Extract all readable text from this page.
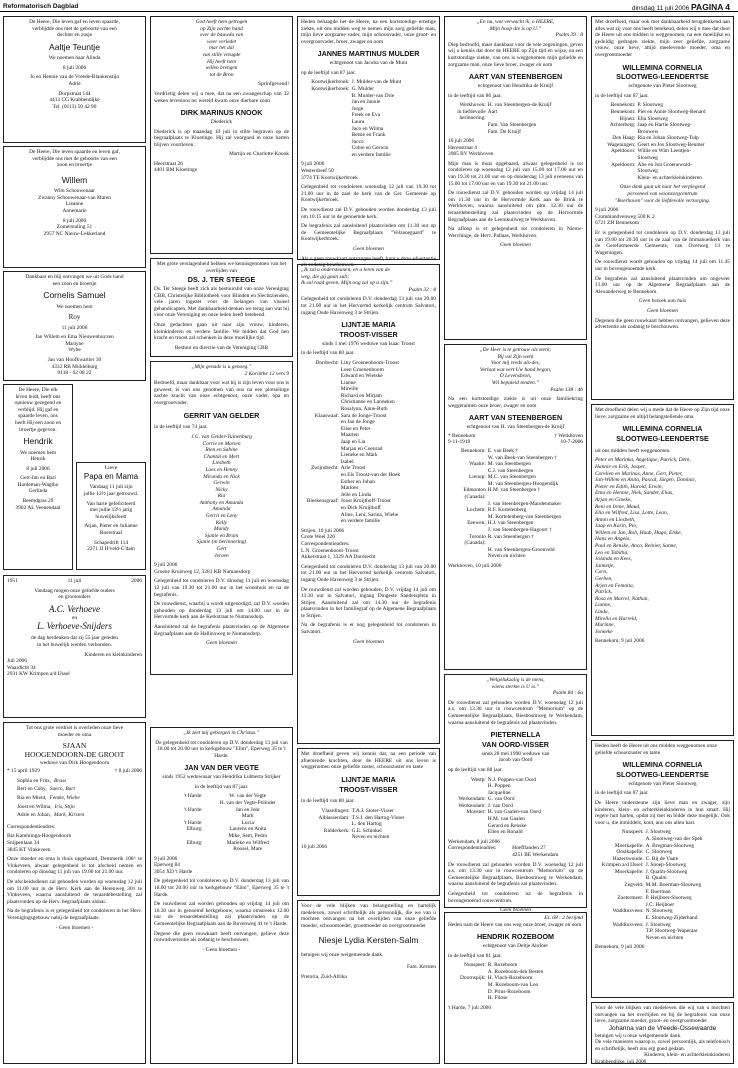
Reformatorisch Dagblad	dinsdag 11 juli 2006 PAGINA 4
De Heere, Die leven gaf en leven spaarde,
verblijdde ons met de geboorte van een
dochter en zusje
Aaltje Teuntje
We noemen haar Alinda
8 juli 2006
Jo en Hennie van de Vreede-Blankenstijn
Adrie
Dorpstraat 144
4413 CG Krabbendijke
Tel. (0113) 50 42 90
De Heere, Die leven spaarde en leven gaf,
verblijdde ons met de geboorte van een
zoon en broertje
Willem
Wim Schouwenaar
Zwanny Schouwenaar-van Maren
Lieanne
Annemarie
8 juli 2006
Zomerstaling 51
2957 NC Nieuw-Lekkerland
Dankbaar en blij ontvingen we uit Gods hand
een zoon en broertje
Cornelis Samuel
We noemen hem
Roy
11 juli 2006
Jan Willem en Ema Nieuwenhuyzen
Marlyne
Wybe
Jan van Hoofkwartier 30
4332 RB Middelburg
0118 - 62 08 22
De Heere, Die elk
leven leidt, heeft ons
opnieuw gezegend en
verblijd. Hij gaf en
spaarde leven, ons
heeft Hij een zoon en
broertje gegeven.
Hendrik
We noemen hem
Henrik
8 juli 2006
Gert-Jan en Bari
Hardeman-Wagtho
Gerlinda
Beemdgras 29
3902 AL Veenendaal
Lieve
Papa en Mama
Vandaag 11 juli zijn
jullie 12½ jaar getrouwd.
Van harte gefeliciteerd
met jullie 12½ jarig
huwelijksfeest
Arjan, Pieter en Julianne
Roerstraal
Schapedrift 114
2371 JJ H'veld-G'dam
1951	11 juli	2006
Vandaag mogen onze geliefde ouders
en grootouders
A.C. Verhoeve
en
L. Verhoeve-Snijders
de dag herdenken dat zij 55 jaar geleden
in het huwelijk werden verbonden.
Kinderen en kleinkinderen
Juli 2006
Waardicht 34
2931 KW Krimpen a/d IJssel
Tot ons grote verdriet is overleden onze lieve
moeder en oma
SJAAN
HOOGENDOORN-DE GROOT
weduwe van Dirk Hoogendoorn
* 15 april 1929	† 8 juli 2006
Sophia en Frits, Brass
Bert en Coby, Saeco, Bart
Ria en Mient, Femke, Wiebe
Joost en Wilma, Iris, Stijn
Adrie en Johan, Mark, Kirsten
Correspondentieadres:
Bia Kamminga-Hoogendoorn
Snijpenlaan 34
3845 KT Vinkeveen

Onze moeder en oma is thuis opgebaard, Demmerik 108^ te Vinkeveen, alwaar gelegenheid is tot afscheid nemen en condoleren op dinsdag 11 juli van 19.00 tot 21.00 uur.

De afscheidsdienst zal gehouden worden op woensdag 12 juli om 11.00 uur in de Herv. Kerk aan de Herenweg 301 te Vinkeveen, waarna aansluitend de teraardebestelling zal plaatsvinden op de Herv. begraafplaats aldaar.

Na de begrafenis is er gelegenheid tot condoleren in het Herv. Verenigingsgebouw nabij de begraafplaats.

- Geen bloemen -
God heeft hem getrogen
op Zijn zachte hand
over de bauwda van
weer verledet
mar het dal
van stille vreugde
Hij heeft hem
willen brengen
tot de Bron
Sprinfgevend!

Verdrietig delen wij u mee, dat na een zwangeschap van 32 weken levenloos ter wereld kwam onze dierbare zoon

DIRK MARINUS KNOOK
Diederick

Diederick is op maandag 10 juli in stilte begraven op de begraafplaats te Kloetinge. Hij zal voorgoed in onze harten blijven voortleven.

Martijn en Charlotte Knook
Heerstraat 26
4401 BM Kloetinge

Met grote verslagenheid hebben we kennisgenomen van het overlijden van

DS. J. TER STEEGE

Ds. Ter Steege heeft zich als bestuurslid van onze Vereniging CBB, Christelijke Bibliotheek voor Blinden en Slechtzienden, vele jaren ingezet voor de belangen van visueel gehandicapten. Met dankbaarheid denken we terug aan wat hij voor onze Vereniging en onze leden heeft betekend.

Onze gedachten gaan uit naar zijn vrouw, kinderen, kleinkinderen en verdere familie. We bidden dat God hen kracht en troost zal schenken in deze moeilijke tijd.

Bestuur en directie van de Vereniging CBB
„Mijn genade is u genoeg.”
2 Korinthe 12 vers 9

Bedroefd, maar dankbaar voor wat hij is zijn leven voor ons is geweest, is van ons genomen van ons na een plotselinge zachte kracht van onze echtgenoot, onze vader, opa en overgrootvader.

GERRIT VAN GELDER
in de leeftijd van 74 jaar.
J.G. van Gelder-Tuinenburg
Corrie en Marien
Rien en Sabine
Chantal en Mert
Liesbeth
Loes en Henny
Miranda en Nick
Gerwin
Nicky
Ria
Anthony en Amanda
Amanda
Gerrit en Leny
Kelly
Mandy
Sjanie en Bram
Sjanie (in herinnering)
Gert
Jeroen
9 juli 2006
Groene Kruisweg 12, 3281 KB Numansdorp

Gelegenheid tot condoleren D.V. dinsdag 11 juli en woensdag 12 juli van 19.30 tot 21.00 uur in het woonhuis en na de begrafenis.

De rouwdienst, waarbij u wordt uitgenodigd, zal D.V. worden gehouden op donderdag 13 juli om 14.00 uur in de Hervormde kerk aan de Kerkstraat te Numansdorp.

Aansluitend zal de begrafenis plaatsvinden op de Algemene Begraafplaats aan de Hallinxweg te Numansdorp.

Geen bloemen
„Ik zeet mij geborgen in Christus.”

De gelegenheid tot condoleren op D.V. donderdag 13 juli van 18.00 tot 20.00 uur in kerkgebouw "Elim", Eperweg 35 te 't Harde.

JAN VAN DER VEGTE
sinds 1952 weduwnaar van Hendrika Lubberta Strijker
in de leeftijd van 87 jaar.
't Harde:	W. van der Vegte
H. van der Vegte-Polinder
't Harde:	Jan en Johr
Marit
't Harde:	Lucia
Elburg:	Laurens en Anita
Mike, Sem, Pedro
Elburg:	Marieke en Wilfred
Roosel, Mare
9 juli 2006
Eperweg 84
3054 XD 't Harde

De gelegenheid tot condoleren op D.V. donderdag 13 juli van 18.00 tot 20.00 uur in kerkgebouw "Elim", Eperweg 35 te 't Harde.

De rouwdienst zal worden gehouden op vrijdag 14 juli om 10.30 uur in genoemd kerkgebouw, waarna omstreeks 12.00 uur de teraardebestelling zal plaatsvinden op de Gemeentelijke Begraafplaats aan de Bovenweg 41 te 't Harde.

Degene die geen rouwkaart heeft ontvangen, gelieve deze rouwadvertentie als zodanig te beschouwen.

- Geen bloemen -

Heden behaagde het de Heere, na een kortstondige ernstige ziekte, uit ons midden weg te nemen mijn zorg geliefde man, mijn lieve zorgzame vader, mijn schoonvader, onze groot- en overgrootvader, broer, zwager en oom

JANNES MARTINUS MULDER
echtgenoot van Jacoba van de Munt
op de leeftijd van 87 jaar.
Kootwijkerbroek: J. Mulder-van de Munt
Kootwijkerbroek: G. Mulder
B. Mulder-van Drie
Jan en Jannie
Jorge
Freek en Eva
Laura
Jaco en Wilma
Betsie en Frank
Jacco
Cobie en Gerwin
en verdere familie
9 juli 2006
Westerdreef 50
3774 TE Kootwijkerbroek

Gelegenheid tot condoleren woensdag 12 juli van 19.30 tot 21.00 uur in de zaal de kerk van de Ger. Gemeente op Kootwijkerbroek.

De rouwdienst zal D.V. gehouden worden donderdag 13 juli om 10.15 uur in de genoemde kerk.

De begrafenis zal aansluitend plaatsvinden om 11.30 uur op de Gemeentelijke Begraafplaats "Velzenegaard" te Kootwijkerbroek.

Geen bloemen

Als u geen rouwkaart ontvangen heeft, kunt u deze advertentie als zodanig beschouwen.

„Ik zal u ondersteunen, en u leren van de
weg, die gij gaan zult;
Ik zal raad geven, Mijn oog zal op u zijn.”
Psalm 32 : 8

Gelegenheid tot condoleren D.V. donderdag 13 juli van 20.00 tot 21.00 uur in het Hervormd kerkelijk centrum Salvatori, ingang Oude Havenweg 3 te Strijen.

LIJNTJE MARIA
TROOST-VISSER
sinds 1 mei 1976 weduwe van Isaac Troost
in de leeftijd van 80 jaar.
Dordrecht: Liny Groenenboom-Troost
Leen Groenenboom
Edward en Wietske
Lianne
Mireille
Richard en Mirjam
Christianne en Lanneken
Rosalynn, Anne-Ruth
Klaaswaal: Sara de Jonge-Troost
en Jan de Jonge
Elise en Peter
Maarten
Jaap en Lia
Marjan en Coenrad
Lieneke en Mark
Isabel
Zwijndrecht: Arie Troost
en Els Troost-van der Hoek
Esther en Johan
Marloes
Jelle en Linda
Bleskensgraaf: Joost Kruijthoff-Troost
en Dick Kruijthoff
Aline, Leni, Sarina, Wiebe
en verdere familie
Strijen, 10 juli 2006
Grote Weel 326
Correspondentieadres:
L.N. Groenenboom-Troost
Akkerstraat 1, 3329 AA Dordrecht

Gelegenheid tot condoleren D.V. donderdag 13 juli van 20.00 tot 21.00 uur in het Hervormd kerkelijk centrum Salvatori, ingang Oude Havenweg 3 te Strijen.

De rouwdienst zal worden gehouden, D.V. vrijdag 14 juli om 13.30 uur in Salvatori, ingang Dingeste Sandersplein in Strijen. Aansluitend zal om 14.30 uur de begrafenis plaatsvinden in het familiegraf op de Algemene Begraafplaats te Strijen.

Na de begrafenis is er nog gelegenheid tot condoleren in Salvatori.

Geen bloemen

Met droefheid geven wij kennis dat, na een periode van afnemende krachten, door de HEERE uit ons leven is weggenomen onze geliefde zuster, schoonzuster en tante

LIJNTJE MARIA
TROOST-VISSER
in de leeftijd van 80 jaar.
Vlaardingen: T.A.J. Stoter-Visser
Alblasserdam: T.S.J. den Hartog-Visser
L. den Hartog
Ridderkerk: G.E. Schinkel
Neven en nichten
10 juli 2006

Voor de vele blijken van belangstelling en hartelijk medeleven, zowel schriftelijk als persoonlijk, die we van u mochten ontvangen na het overlijden van onze geliefde moeder, schoonmoeder, grootmoeder en overgrootmoeder

Niesje Lydia Kersten-Salm
betuigen wij onze welgemeende dank.
Fam. Kersten
Pretoria, Zuid-Afrika
„En nu, wat verwacht ik, o HEERE,
Mijn hoop die is op U.”
Psalm 39 : 8

Diep bedroefd, maar dankbaar voor de vele zegeningen, geven wij u kennis dat door de HEERE op Zijn tijd en wijze, na een kortstondige ziekte, van ons is weggenomen mijn geliefde en zorgzame man, onze lieve broer, zwager en oom

AART VAN STEENBERGEN
echtgenoot van Hendrika de Kruijf
in de leeftijd van 86 jaar.
Werkhoven: H. van Steenbergen-de Kruijf
in liefdevolle herinnering:
Aart
Fam. Van Steenbergen
Fam. De Kruijf
10 juli 2006
Herenstraat 4
3985 BV Werkhoven

Mijn man is thuis opgebaard, alwaar gelegenheid is tot condoleren op woensdag 12 juli van 15.00 tot 17.00 uur en van 19.30 tot 21.00 uur en op donderdag 13 juli eveneens van 15.00 tot 17.00 uur en van 19.30 tot 21.00 uur.

De rouwdienst zal D.V. gehouden worden op vrijdag 14 juli om 11.30 uur in de Hervormde Kerk aan de Brink te Werkhoven, waarna aansluitend om plm. 12.30 uur de teraardebestelling zal plaatsvinden op de Hervormde Begraafplaats aan de Leemkuilweg te Werkhoven.

Na afloop is er gelegenheid tot condoleren in Nieuw-Werchinge, de Herv. Pallaas, Werkhoven.

Geen bloemen
„De Heer is te getrouw als sterk;
Bij val Zijn werk
Voor mij reeds als-des,
Verlaat wat eert Uw hand begon,
O Levensbron,
Wil bepaleid tenden.”
Psalm 138 : 4b

Na een kortstondige ziekte is uit onze familiekring weggenomen onze broer, zwager en oom

AART VAN STEENBERGEN
echtgenoot van H. van Steenbergen-de Kruijf
* Bennekom	† Werkhoven
9-11-1919	10-7-2006
Bennekom: E. van Beek †
W. van Beek-van Steenbergen †
Waalre: M. van Steenbergen
C.J. van Steenbergen
Lienup: M.C. van Steenbergen
M. van Steenbergen-Hoogendijk
Edmonton (Canada):
H.M. van Steenbergen †
J. van Steenbergen-Mandenmaker
Lochem: R.F. Kortelenberg
M. Kortelenberg-van Steenbergen
Eeewen: H.J. van Steenbergen
J. van Steenbergen-Hagoort †
Toronto (Canada):
R. van Steenbergen †
H. van Steenbergen-Groenveld
Neven en nichten
Werkhoven, 10 juli 2006
„Welgelukzalig is de mens,
wiens sterkte is U is.”
Psalm 84 : 6a

De rouwdienst zal gehouden worden D.V. woensdag 12 juli a.s. om 13.30 uur in rouwcentrum "Memorium" op de Gemeentelijke Begraafplaats, Biesbosmweg te Werkendam, waarna aansluitend de begrafenis zal plaatsvinden.

PIETERNELLA
VAN OORD-VISSER
sinds 28 mei 1998 weduwe van
Jacob van Oord
op de leeftijd van 88 jaar.
Westp: N.J. Poppen-van Oord
H. Poppen
Jacqueline
Werkendam: G. van Oord
Werkendam: J. van Oord
Monster: H. van Gaalen-van Oord
H.M. van Gaalen
Gerard en Renske
Ellen en Ronald
Werkendam, 8 juli 2006
Correspondentieadres:	Hoefflanden 27
4251 BE Werkendam

De rouwdienst zal gehouden worden D.V. woensdag 12 juli a.s. om 13.30 uur in rouwcentrum "Memorium" op de Gemeentelijke Begraafplaats, Biesbosmweg te Werkendam, waarna aansluitend de begrafenis zal plaatsvinden.

Gelegenheid tot condoleren na de begrafenis in bovengenoemd rouwcentrum.

Geen bloemen
Ez. 68 : 2 berijmd

Heden nam de Heere van ons weg onze broer, zwager en oom

HENDRIK ROZEBOOM
echtgenoot van Deltje Alofoer
in de leeftijd van 81 jaar.
Nunspeet: R. Rozeboom
A. Rozeboom-den Besten
Doornspijk: H. Vlach-Rozeboom
M. Rozeboom-van Loo
D. Prins-Rozeboom
H. Filose
't Harde, 7 juli 2006

Met droefheid, maar ook met dankbaarheid terugdenkend aan alles wat zij voor ons heeft betekend, delen wij u mee dat door de Heere uit ons midden is weggenomen, na een moeilijke en geduldig gedragen ziekte, mijn zeer geliefde, zorgzame vrouw, onze lieve, altijd meelevende moeder, oma en overgrootmoeder

WILLEMINA CORNELIA
SLOOTWEG-LEENDERTSE
echtgenote van Pieter Slootweg
in de leeftijd van 87 jaar.
Bennekom: P. Slootweg
Bennekom: Piet en Annie Slootweg-Benard
Bijnen: Ella Slootweg
Achterberg: Jaap en Hartie Slootweg-
Brouwers
Den Haag: Ria en Johan Slootweg-Tulp
Wageningen: Geert en Jos Slootweg-Beumer
Apeldoorn: Willie en Wim Leentjen-
Slootweg
Apeldoorn: Alie en Jon Groenewold-
Slootweg
Klein- en achterkleinkinderen
Onze dank gaat uit naar het verplegend
personeel van woonzorgcentrum
"Boerhaven" voor de liefdevolle verzorging.
9 juli 2006
Crommandvenweg 500 K 2
6721 ZH Bennekom

Er is gelegenheid tot condoleren op D.V. donderdag 13 juli van 19.00 tot 20.30 uur in de zaal van de Immanuelkerk van de Gereformeerde Gemeente, van Overweg 13 te Wageningen.

De rouwdienst wordt gehouden op vrijdag 14 juli om 11.45 uur in bovengenoemde kerk.

De begrafenis zal aansluitend plaatsvinden om ongeveer 13.00 uur op de Algemene Begraafplaats aan de Alexanderweg te Bennekom.

Geen bezoek aan huis
Geen bloemen

Degenen die geen rouwkaart hebben ontvangen, gelieven deze advertentie als zodanig te beschouwen.

Met droefheid delen wij u mede dat de Heere op Zijn tijd onze lieve, zorgzame en altijd belangstellende oma

WILLEMINA CORNELIA
SLOOTWEG-LEENDERTSE
uit ons midden heeft weggenomen.
Peter en Marinka, Angelique, Patrick, Derk,
Hannie en Erik, Jasper,
Corelien en Marinus, Anne, Gert, Pieter,
Jan-Willem en Anita, Pascal, Jürgen, Dominic,
Pieter en Edith, Harold, Erwin,
Etna en Hennie, Niek, Sander, Elias,
Arjan en Gineke,
Reni en Irene, Maud,
Elia en Wilfred, Lisa, Lotte, Lean,
Anton en Liesbeth,
Jaap en Karin, Pio,
Willem en Jan, Rob, Huub, Hugo, Elske,
Hans en Angela,
Paul en Renske, Anco, Reinier, Sanne,
Leo en Tabitha,
Jolanda en Kees,
Jannetje,
Corn,
Gerben,
Arjen en Femnita,
Patrick,
Rosa en Marcel, Nathan,
Lianne,
Linda,
Mirella en Harreld,
Marinne,
Jonneke
Bennekom, 9 juli 2006

Heden heeft de Heere uit ons midden weggenomen onze geliefde schoonzuster en tante

WILLEMINA CORNELIA
SLOOTWEG-LEENDERTSE
echtgenote van Pieter Slootweg
in de leeftijd van 87 jaar.

De Heere ondersteune zijn lieve man en zwager, zijn kinderen, klein- en achterkleinkinderen in hun smart. Hij regere hun harten, opdat zij met en bidde deze mogelijk. Ook voor u, die inmiddels, kont, ann ons allen hart.

Nunspeet: J. Slootweg
A. Slootweg-van der Spek
Moerkapelle: A. Bregman-Slootweg
Oostkapelle: C. Slootweg
Hazerswoude: C. Bij de Vaate
Krimpen a/d IJssel: J. Snoep-Slootweg
Moerkapelle: J. Qualm-Slootweg
B. Qualm
Zegveld: M.M. Boerman-Slootweg
F. Boerman
Zoetermeer: P. Heijboer-Slootweg
J.C. Heijboer
Waddinxveen: N. Slootweg
E. Slootweg-Zijderhand
Waddinxveen: J. Slootweg
T.P. Slootweg-Waperaar
Neven en nichten
Bennekom, 9 juli 2006

Voor de vele blijken van medeleven die wij van u mochten ontvangen na het overlijden en bij de begrafenis van onze lieve, zorgzame moeder, groot- en overgrootmoeder

Johanna van de Vreede-Ossewaarde
betuigen wij u onze welgemeende dank.

De vele manieren waarop u, zowel persoonlijk, als telefonisch en schriftelijk, heeft ons erg goed gedaan.

Kinderen, klein- en achterkleinkinderen
Krabbendijke, juli 2006
